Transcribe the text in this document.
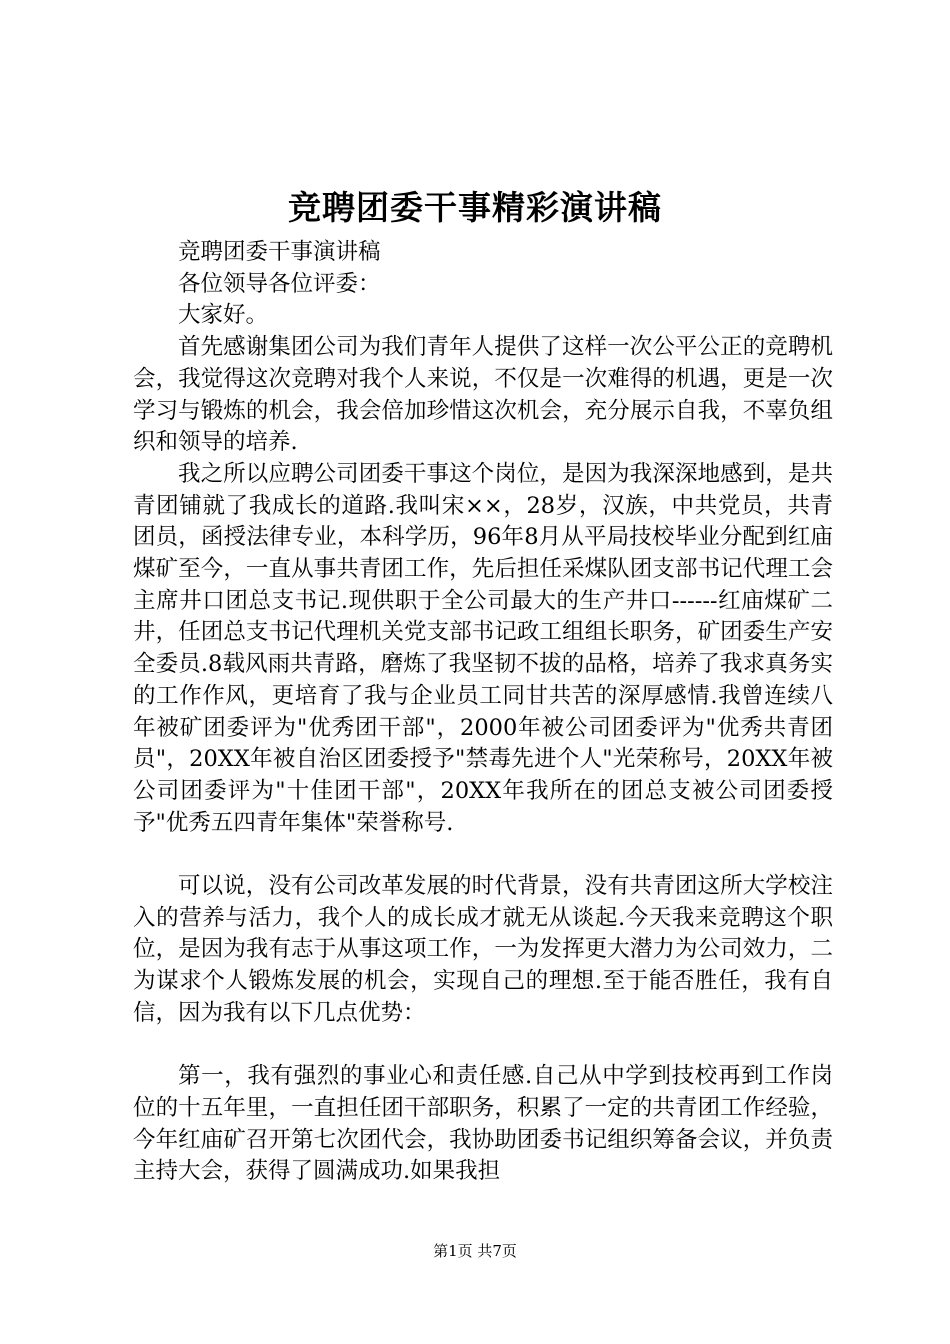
竞聘团委干事精彩演讲稿

竞聘团委干事演讲稿

各位领导各位评委：

大家好。

首先感谢集团公司为我们青年人提供了这样一次公平公正的竞聘机会，我觉得这次竞聘对我个人来说，不仅是一次难得的机遇，更是一次学习与锻炼的机会，我会倍加珍惜这次机会，充分展示自我，不辜负组织和领导的培养.

我之所以应聘公司团委干事这个岗位，是因为我深深地感到，是共青团铺就了我成长的道路.我叫宋××，28岁，汉族，中共党员，共青团员，函授法律专业，本科学历，96年8月从平局技校毕业分配到红庙煤矿至今，一直从事共青团工作，先后担任采煤队团支部书记代理工会主席井口团总支书记.现供职于全公司最大的生产井口------红庙煤矿二井，任团总支书记代理机关党支部书记政工组组长职务，矿团委生产安全委员.8载风雨共青路，磨炼了我坚韧不拔的品格，培养了我求真务实的工作作风，更培育了我与企业员工同甘共苦的深厚感情.我曾连续八年被矿团委评为"优秀团干部"，2000年被公司团委评为"优秀共青团员"，20XX年被自治区团委授予"禁毒先进个人"光荣称号，20XX年被公司团委评为"十佳团干部"，20XX年我所在的团总支被公司团委授予"优秀五四青年集体"荣誉称号.

可以说，没有公司改革发展的时代背景，没有共青团这所大学校注入的营养与活力，我个人的成长成才就无从谈起.今天我来竞聘这个职位，是因为我有志于从事这项工作，一为发挥更大潜力为公司效力，二为谋求个人锻炼发展的机会，实现自己的理想.至于能否胜任，我有自信，因为我有以下几点优势：

第一，我有强烈的事业心和责任感.自己从中学到技校再到工作岗位的十五年里，一直担任团干部职务，积累了一定的共青团工作经验，今年红庙矿召开第七次团代会，我协助团委书记组织筹备会议，并负责主持大会，获得了圆满成功.如果我担

第1页 共7页
